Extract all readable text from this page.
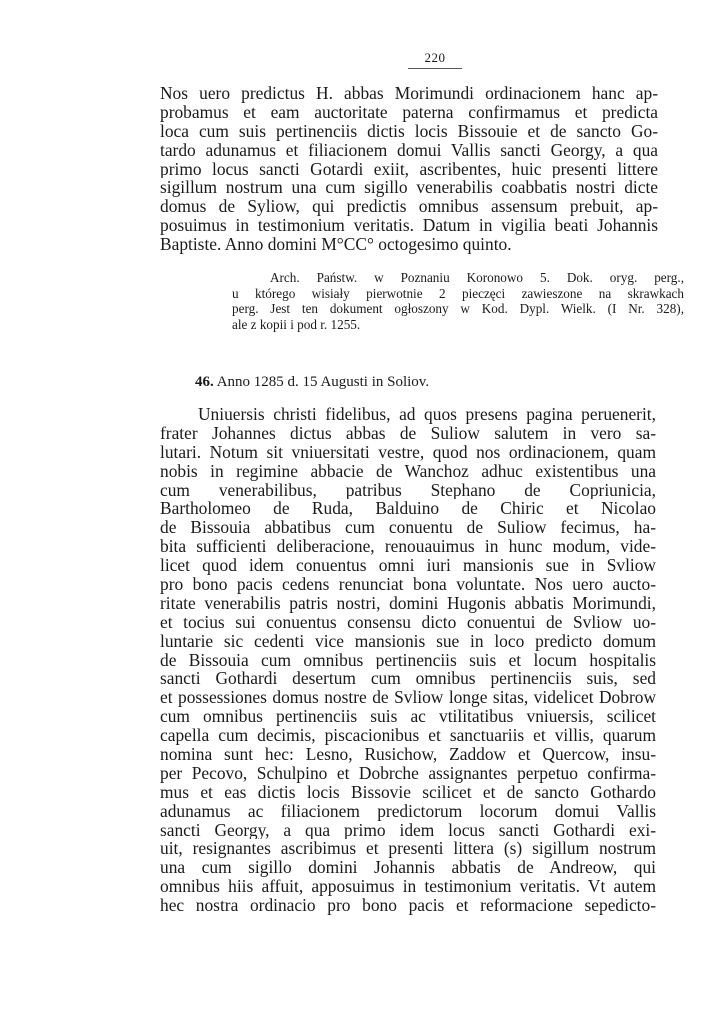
220
Nos uero predictus H. abbas Morimundi ordinacionem hanc ap-
probamus et eam auctoritate paterna confirmamus et predicta
loca cum suis pertinenciis dictis locis Bissouie et de sancto Go-
tardo adunamus et filiacionem domui Vallis sancti Georgy, a qua
primo locus sancti Gotardi exiit, ascribentes, huic presenti littere
sigillum nostrum una cum sigillo venerabilis coabbatis nostri dicte
domus de Syliow, qui predictis omnibus assensum prebuit, ap-
posuimus in testimonium veritatis. Datum in vigilia beati Johannis
Baptiste. Anno domini M°CC° octogesimo quinto.
Arch. Państw. w Poznaniu Koronowo 5. Dok. oryg. perg.,
u którego wisiały pierwotnie 2 pieczęci zawieszone na skrawkach
perg. Jest ten dokument ogłoszony w Kod. Dypl. Wielk. (I Nr. 328),
ale z kopii i pod r. 1255.
46. Anno 1285 d. 15 Augusti in Soliov.
Uniuersis christi fidelibus, ad quos presens pagina peruenerit,
frater Johannes dictus abbas de Suliow salutem in vero sa-
lutari. Notum sit vniuersitati vestre, quod nos ordinacionem, quam
nobis in regimine abbacie de Wanchoz adhuc existentibus una
cum venerabilibus, patribus Stephano de Copriunicia,
Bartholomeo de Ruda, Balduino de Chiric et Nicolao
de Bissouia abbatibus cum conuentu de Suliow fecimus, ha-
bita sufficienti deliberacione, renouauimus in hunc modum, vide-
licet quod idem conuentus omni iuri mansionis sue in Svliow
pro bono pacis cedens renunciat bona voluntate. Nos uero aucto-
ritate venerabilis patris nostri, domini Hugonis abbatis Morimundi,
et tocius sui conuentus consensu dicto conuentui de Svliow uo-
luntarie sic cedenti vice mansionis sue in loco predicto domum
de Bissouia cum omnibus pertinenciis suis et locum hospitalis
sancti Gothardi desertum cum omnibus pertinenciis suis, sed
et possessiones domus nostre de Svliow longe sitas, videlicet Dobrow
cum omnibus pertinenciis suis ac vtilitatibus vniuersis, scilicet
capella cum decimis, piscacionibus et sanctuariis et villis, quarum
nomina sunt hec: Lesno, Rusichow, Zaddow et Quercow, insu-
per Pecovo, Schulpino et Dobrche assignantes perpetuo confirma-
mus et eas dictis locis Bissovie scilicet et de sancto Gothardo
adunamus ac filiacionem predictorum locorum domui Vallis
sancti Georgy, a qua primo idem locus sancti Gothardi exi-
uit, resignantes ascribimus et presenti littera (s) sigillum nostrum
una cum sigillo domini Johannis abbatis de Andreow, qui
omnibus hiis affuit, apposuimus in testimonium veritatis. Vt autem
hec nostra ordinacio pro bono pacis et reformacione sepedicto-
